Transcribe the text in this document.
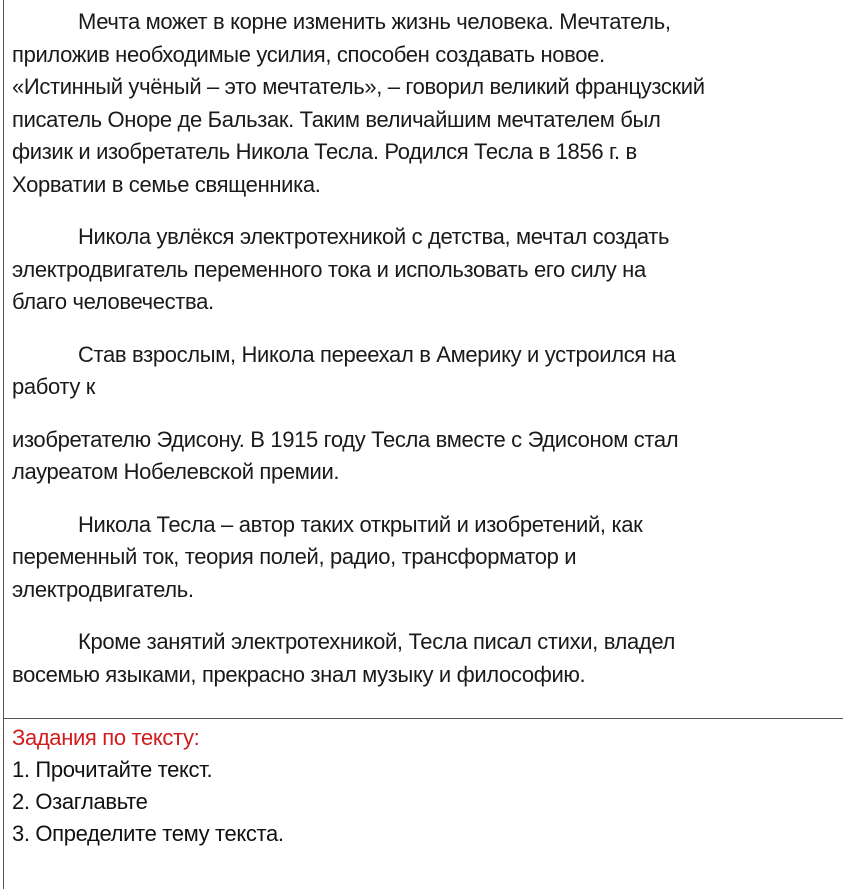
Мечта может в корне изменить жизнь человека. Мечтатель,
приложив необходимые усилия, способен создавать новое.
«Истинный учёный – это мечтатель», – говорил великий французский
писатель Оноре де Бальзак. Таким величайшим мечтателем был
физик и изобретатель Никола Тесла. Родился Тесла в 1856 г. в
Хорватии в семье священника.
Никола увлёкся электротехникой с детства, мечтал создать
электродвигатель переменного тока и использовать его силу на
благо человечества.
Став взрослым, Никола переехал в Америку и устроился на
работу к
изобретателю Эдисону. В 1915 году Тесла вместе с Эдисоном стал
лауреатом Нобелевской премии.
Никола Тесла – автор таких открытий и изобретений, как
переменный ток, теория полей, радио, трансформатор и
электродвигатель.
Кроме занятий электротехникой, Тесла писал стихи, владел
восемью языками, прекрасно знал музыку и философию.

Задания по тексту:

1. Прочитайте текст.

2. Озаглавьте

3. Определите тему текста.
